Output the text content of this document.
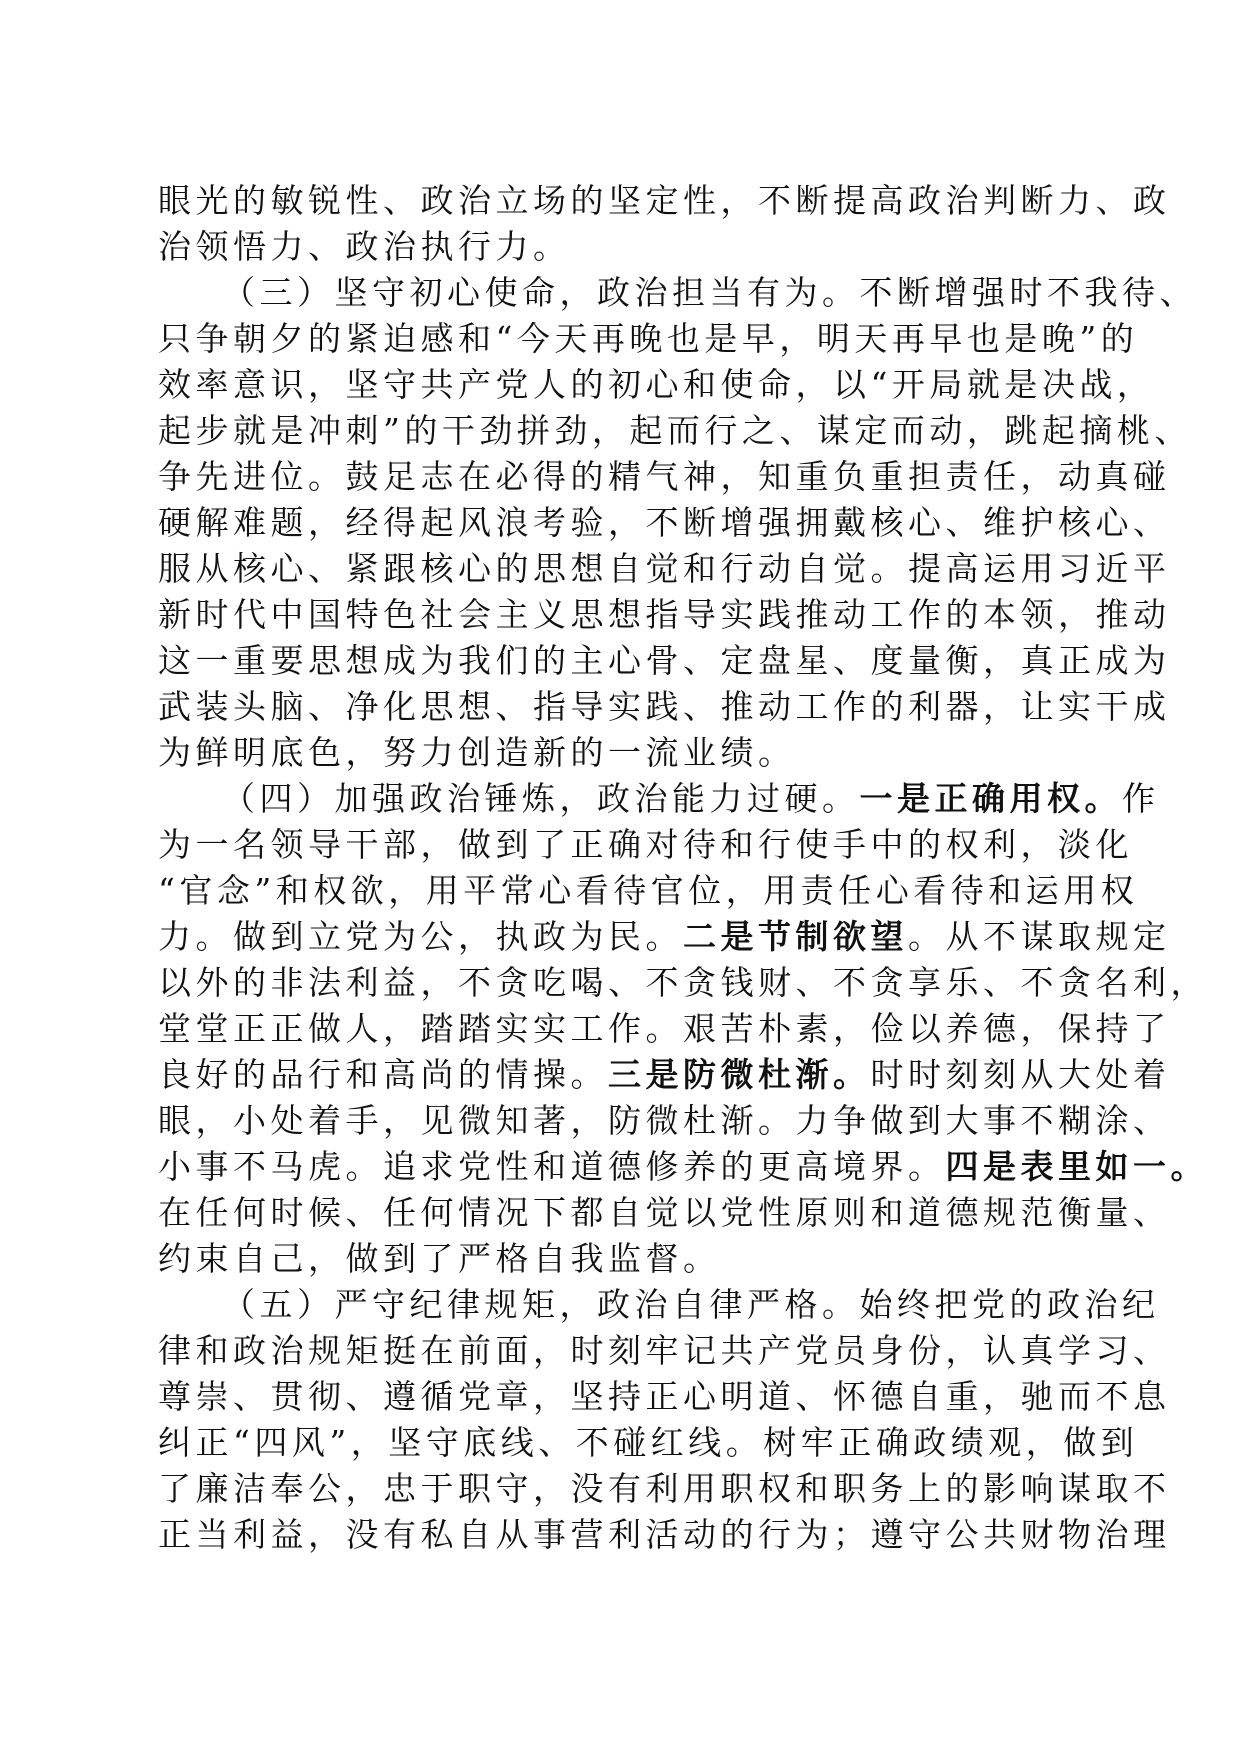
眼光的敏锐性、政治立场的坚定性，不断提高政治判断力、政
治领悟力、政治执行力。
（三）坚守初心使命，政治担当有为。不断增强时不我待、
只争朝夕的紧迫感和“今天再晚也是早，明天再早也是晚”的
效率意识，坚守共产党人的初心和使命，以“开局就是决战，
起步就是冲刺”的干劲拼劲，起而行之、谋定而动，跳起摘桃、
争先进位。鼓足志在必得的精气神，知重负重担责任，动真碰
硬解难题，经得起风浪考验，不断增强拥戴核心、维护核心、
服从核心、紧跟核心的思想自觉和行动自觉。提高运用习近平
新时代中国特色社会主义思想指导实践推动工作的本领，推动
这一重要思想成为我们的主心骨、定盘星、度量衡，真正成为
武装头脑、净化思想、指导实践、推动工作的利器，让实干成
为鲜明底色，努力创造新的一流业绩。
（四）加强政治锤炼，政治能力过硬。一是正确用权。作
为一名领导干部，做到了正确对待和行使手中的权利，淡化
“官念”和权欲，用平常心看待官位，用责任心看待和运用权
力。做到立党为公，执政为民。二是节制欲望。从不谋取规定
以外的非法利益，不贪吃喝、不贪钱财、不贪享乐、不贪名利，
堂堂正正做人，踏踏实实工作。艰苦朴素，俭以养德，保持了
良好的品行和高尚的情操。三是防微杜渐。时时刻刻从大处着
眼，小处着手，见微知著，防微杜渐。力争做到大事不糊涂、
小事不马虎。追求党性和道德修养的更高境界。四是表里如一。
在任何时候、任何情况下都自觉以党性原则和道德规范衡量、
约束自己，做到了严格自我监督。
（五）严守纪律规矩，政治自律严格。始终把党的政治纪
律和政治规矩挺在前面，时刻牢记共产党员身份，认真学习、
尊崇、贯彻、遵循党章，坚持正心明道、怀德自重，驰而不息
纠正“四风”，坚守底线、不碰红线。树牢正确政绩观，做到
了廉洁奉公，忠于职守，没有利用职权和职务上的影响谋取不
正当利益，没有私自从事营利活动的行为；遵守公共财物治理
